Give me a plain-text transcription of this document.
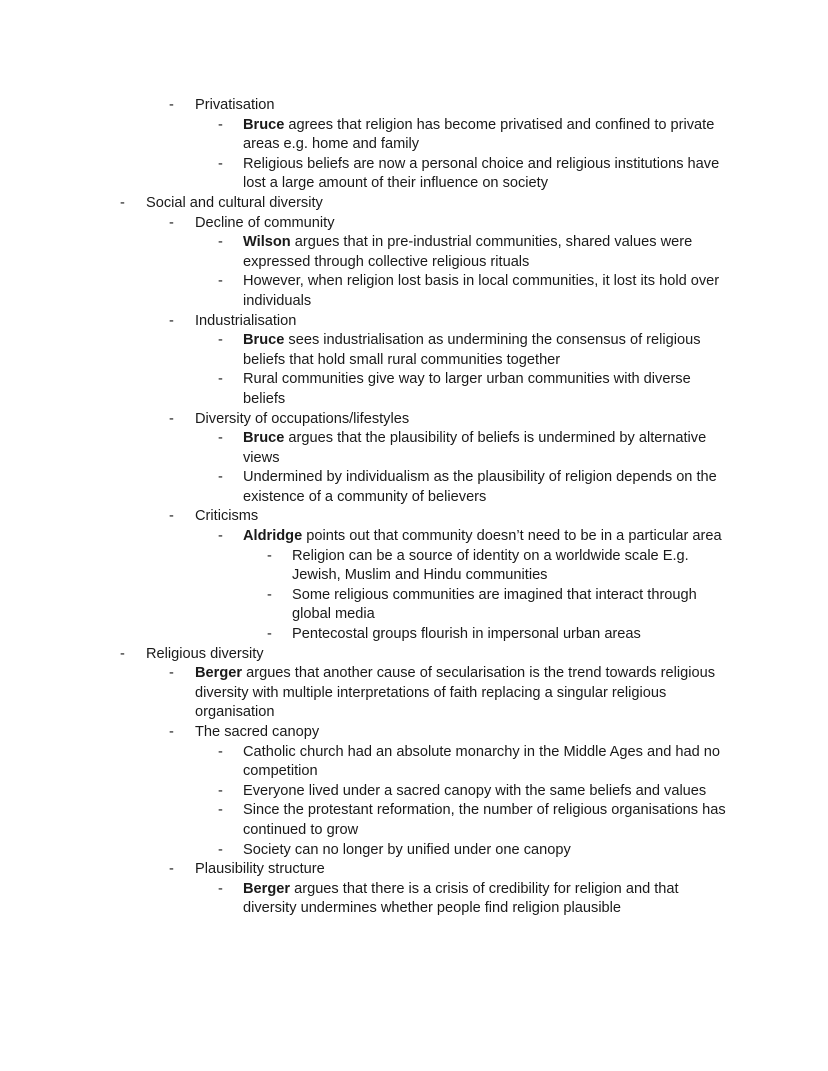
-	Privatisation
-	Bruce agrees that religion has become privatised and confined to private areas e.g. home and family
-	Religious beliefs are now a personal choice and religious institutions have lost a large amount of their influence on society
-	Social and cultural diversity
-	Decline of community
-	Wilson argues that in pre-industrial communities, shared values were expressed through collective religious rituals
-	However, when religion lost basis in local communities, it lost its hold over individuals
-	Industrialisation
-	Bruce sees industrialisation as undermining the consensus of religious beliefs that hold small rural communities together
-	Rural communities give way to larger urban communities with diverse beliefs
-	Diversity of occupations/lifestyles
-	Bruce argues that the plausibility of beliefs is undermined by alternative views
-	Undermined by individualism as the plausibility of religion depends on the existence of a community of believers
-	Criticisms
-	Aldridge points out that community doesn’t need to be in a particular area
-	Religion can be a source of identity on a worldwide scale E.g. Jewish, Muslim and Hindu communities
-	Some religious communities are imagined that interact through global media
-	Pentecostal groups flourish in impersonal urban areas
-	Religious diversity
-	Berger argues that another cause of secularisation is the trend towards religious diversity with multiple interpretations of faith replacing a singular religious organisation
-	The sacred canopy
-	Catholic church had an absolute monarchy in the Middle Ages and had no competition
-	Everyone lived under a sacred canopy with the same beliefs and values
-	Since the protestant reformation, the number of religious organisations has continued to grow
-	Society can no longer by unified under one canopy
-	Plausibility structure
-	Berger argues that there is a crisis of credibility for religion and that diversity undermines whether people find religion plausible
